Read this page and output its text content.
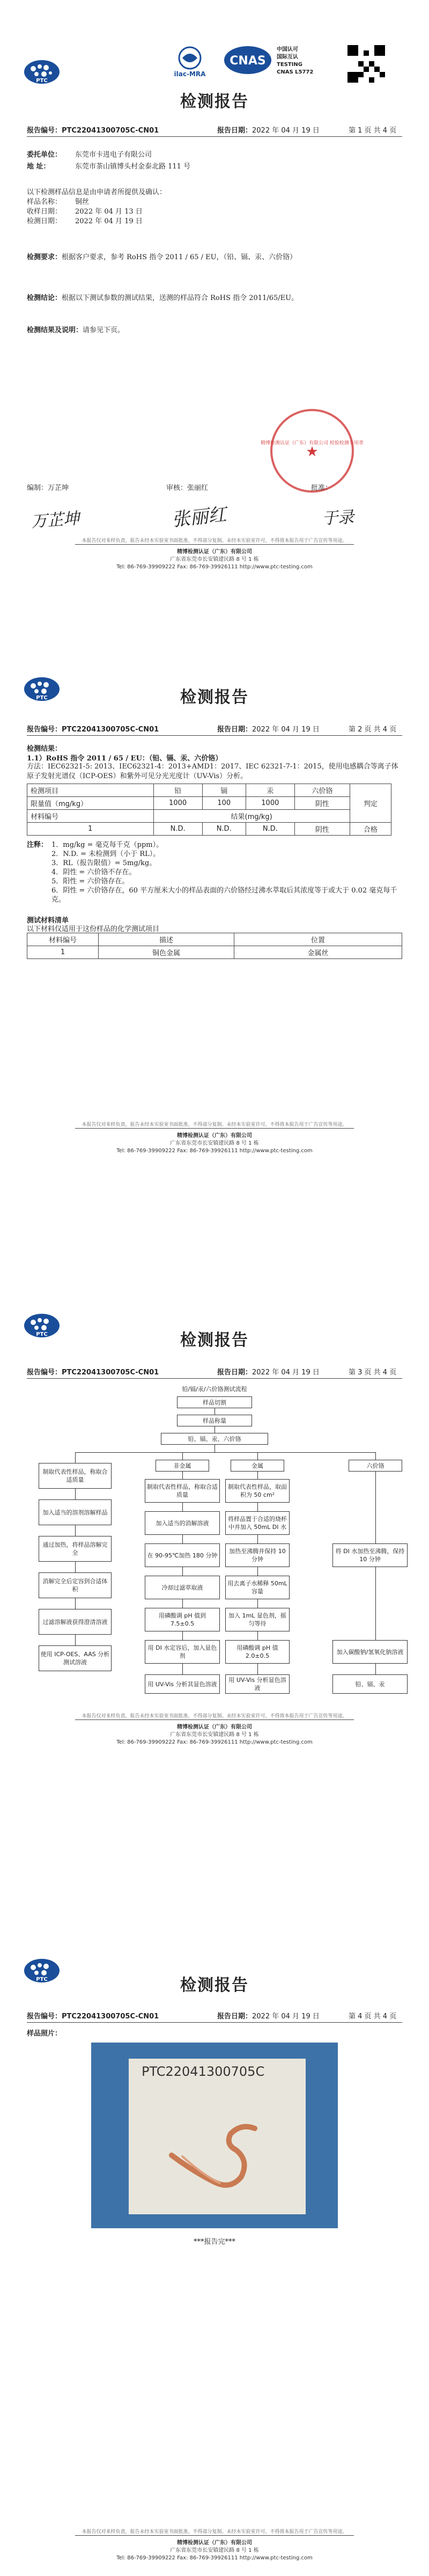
PTC
ilac-MRA
CNAS
中国认可
国际互认
TESTING
CNAS L5772
检测报告
报告编号：PTC22041300705C-CN01	报告日期：2022 年 04 月 19 日	第 1 页 共 4 页
委托单位： 东莞市卡进电子有限公司
地 址：	东莞市茶山镇博头村金泰北路 111 号
以下检测样品信息是由申请者所提供及确认：
样品名称： 铜丝
收样日期： 2022 年 04 月 13 日
检测日期： 2022 年 04 月 19 日
检测要求：根据客户要求，参考 RoHS 指令 2011 / 65 / EU，（铅、镉、汞、六价铬）
检测结论：根据以下测试参数的测试结果，送测的样品符合 RoHS 指令 2011/65/EU。
检测结果及说明：请参见下页。
精博检测认证（广东）有限公司 检验检测专用章
★
编制：万芷坤	审核：张丽红	批准：
万芷坤	张丽红	于录
本报告仅对来样负责，报告未经本实验室书面批准，不得部分复制。未经本实验室许可，不得将本报告用于广告宣传等用途。
精博检测认证（广东）有限公司
广东省东莞市长安镇建民路 8 号 1 栋
Tel: 86-769-39909222 Fax: 86-769-39926111 http://www.ptc-testing.com
PTC	检测报告
报告编号：PTC22041300705C-CN01	报告日期：2022 年 04 月 19 日	第 2 页 共 4 页
检测结果：
1.1）RoHS 指令 2011 / 65 / EU：（铅、镉、汞、六价铬）
方法：IEC62321-5: 2013、IEC62321-4：2013+AMD1：2017、IEC 62321-7-1：2015，使用电感耦合等离子体原子发射光谱仪（ICP-OES）和紫外可见分光光度计（UV-Vis）分析。
检测项目	铅	镉	汞	六价铬	判定
限量值（mg/kg）	1000	100	1000	阴性	
材料编号	结果(mg/kg)				
1	N.D.	N.D.	N.D.	阴性	合格
注释： 1．mg/kg = 毫克每千克（ppm）。
2．N.D. = 未检测到（小于 RL）。
3．RL（报告限值）= 5mg/kg。
4．阴性 = 六价铬不存在。
5．阳性 = 六价铬存在。
6．阴性 = 六价铬存在，60 平方厘米大小的样品表面的六价铬经过沸水萃取后其浓度等于或大于 0.02 毫克每千克。
测试材料清单
以下材料仅适用于这份样品的化学测试项目
材料编号	描述	位置
1	铜色金属	金属丝
本报告仅对来样负责，报告未经本实验室书面批准，不得部分复制。未经本实验室许可，不得将本报告用于广告宣传等用途。
精博检测认证（广东）有限公司
广东省东莞市长安镇建民路 8 号 1 栋
Tel: 86-769-39909222 Fax: 86-769-39926111 http://www.ptc-testing.com
PTC	检测报告
报告编号：PTC22041300705C-CN01	报告日期：2022 年 04 月 19 日	第 3 页 共 4 页
铅/镉/汞/六价铬测试流程
样品切割
样品称量
铅、镉、汞、六价铬
制取代表性样品，称取合适质量
加入适当的溶剂溶解样品
通过加热，将样品溶解完全
消解完全后定容到合适体积
过滤溶解液获得澄清溶液
使用 ICP-OES、AAS 分析测试溶液
非金属
制取代表性样品，称取合适质量
加入适当的消解溶液
在 90-95℃加热 180 分钟
冷却过滤萃取液
用磷酸调 pH 值到 7.5±0.5
用 DI 水定容后，加入显色剂
金属
制取代表性样品，取面积为 50 cm²
将样品置于合适的烧杯中并加入 50mL DI 水
加热至沸腾并保持 10 分钟
用去离子水稀释 50mL 容量
加入 1mL 显色剂，摇匀等待
用磷酸调 pH 值 2.0±0.5
六价铬
将 DI 水加热至沸腾，保持 10 分钟
加入碳酸钠/氢氧化钠溶液
用 UV-Vis 分析其显色溶液
用 UV-Vis 分析显色溶液
铅、镉、汞
本报告仅对来样负责，报告未经本实验室书面批准，不得部分复制。未经本实验室许可，不得将本报告用于广告宣传等用途。
精博检测认证（广东）有限公司
广东省东莞市长安镇建民路 8 号 1 栋
Tel: 86-769-39909222 Fax: 86-769-39926111 http://www.ptc-testing.com
PTC	检测报告
报告编号：PTC22041300705C-CN01	报告日期：2022 年 04 月 19 日	第 4 页 共 4 页
样品照片：
PTC22041300705C
***报告完***
本报告仅对来样负责，报告未经本实验室书面批准，不得部分复制。未经本实验室许可，不得将本报告用于广告宣传等用途。
精博检测认证（广东）有限公司
广东省东莞市长安镇建民路 8 号 1 栋
Tel: 86-769-39909222 Fax: 86-769-39926111 http://www.ptc-testing.com
